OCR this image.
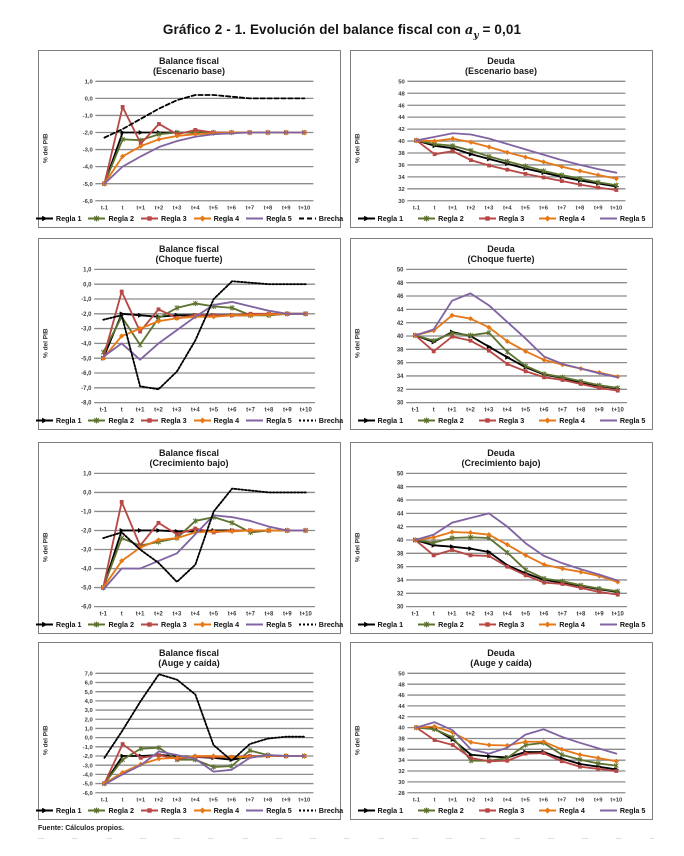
Gráfico 2 - 1. Evolución del balance fiscal con $a_y = 0,01$
Balance fiscal
(Escenario base)
% del PIB
1,0
0,0
-1,0
-2,0
-3,0
-4,0
-5,0
-6,0
t-1 t t+1 t+2 t+3 t+4 t+5 t+6 t+7 t+8 t+9 t+10
Regla 1	Regla 2	Regla 3	Regla 4	Regla 5	Brecha
Deuda
(Escenario base)
% del PIB
50
48
46
44
42
40
38
36
34
32
30
t-1 t t+1 t+2 t+3 t+4 t+5 t+6 t+7 t+8 t+9 t+10
Regla 1	Regla 2	Regla 3	Regla 4	Regla 5
Balance fiscal
(Choque fuerte)
% del PIB
1,0
0,0
-1,0
-2,0
-3,0
-4,0
-5,0
-6,0
-7,0
-8,0
t-1 t t+1 t+2 t+3 t+4 t+5 t+6 t+7 t+8 t+9 t+10
Regla 1	Regla 2	Regla 3	Regla 4	Regla 5	Brecha
Deuda
(Choque fuerte)
% del PIB
50
48
46
44
42
40
38
36
34
32
30
t-1 t t+1 t+2 t+3 t+4 t+5 t+6 t+7 t+8 t+9 t+10
Regla 1	Regla 2	Regla 3	Regla 4	Regla 5
Balance fiscal
(Crecimiento bajo)
% del PIB
1,0
0,0
-1,0
-2,0
-3,0
-4,0
-5,0
-6,0
t-1 t t+1 t+2 t+3 t+4 t+5 t+6 t+7 t+8 t+9 t+10
Regla 1	Regla 2	Regla 3	Regla 4	Regla 5	Brecha
Deuda
(Crecimiento bajo)
% del PIB
50
48
46
44
42
40
38
36
34
32
30
t-1 t t+1 t+2 t+3 t+4 t+5 t+6 t+7 t+8 t+9 t+10
Regla 1	Regla 2	Regla 3	Regla 4	Regla 5
Balance fiscal
(Auge y caída)
% del PIB
7,0
6,0
5,0
4,0
3,0
2,0
1,0
0,0
-1,0
-2,0
-3,0
-4,0
-5,0
-6,0
t-1 t t+1 t+2 t+3 t+4 t+5 t+6 t+7 t+8 t+9 t+10
Regla 1	Regla 2	Regla 3	Regla 4	Regla 5	Brecha
Deuda
(Auge y caída)
% del PIB
50
48
46
44
42
40
38
36
34
32
30
28
t-1 t t+1 t+2 t+3 t+4 t+5 t+6 t+7 t+8 t+9 t+10
Regla 1	Regla 2	Regla 3	Regla 4	Regla 5
Fuente: Cálculos propios.
